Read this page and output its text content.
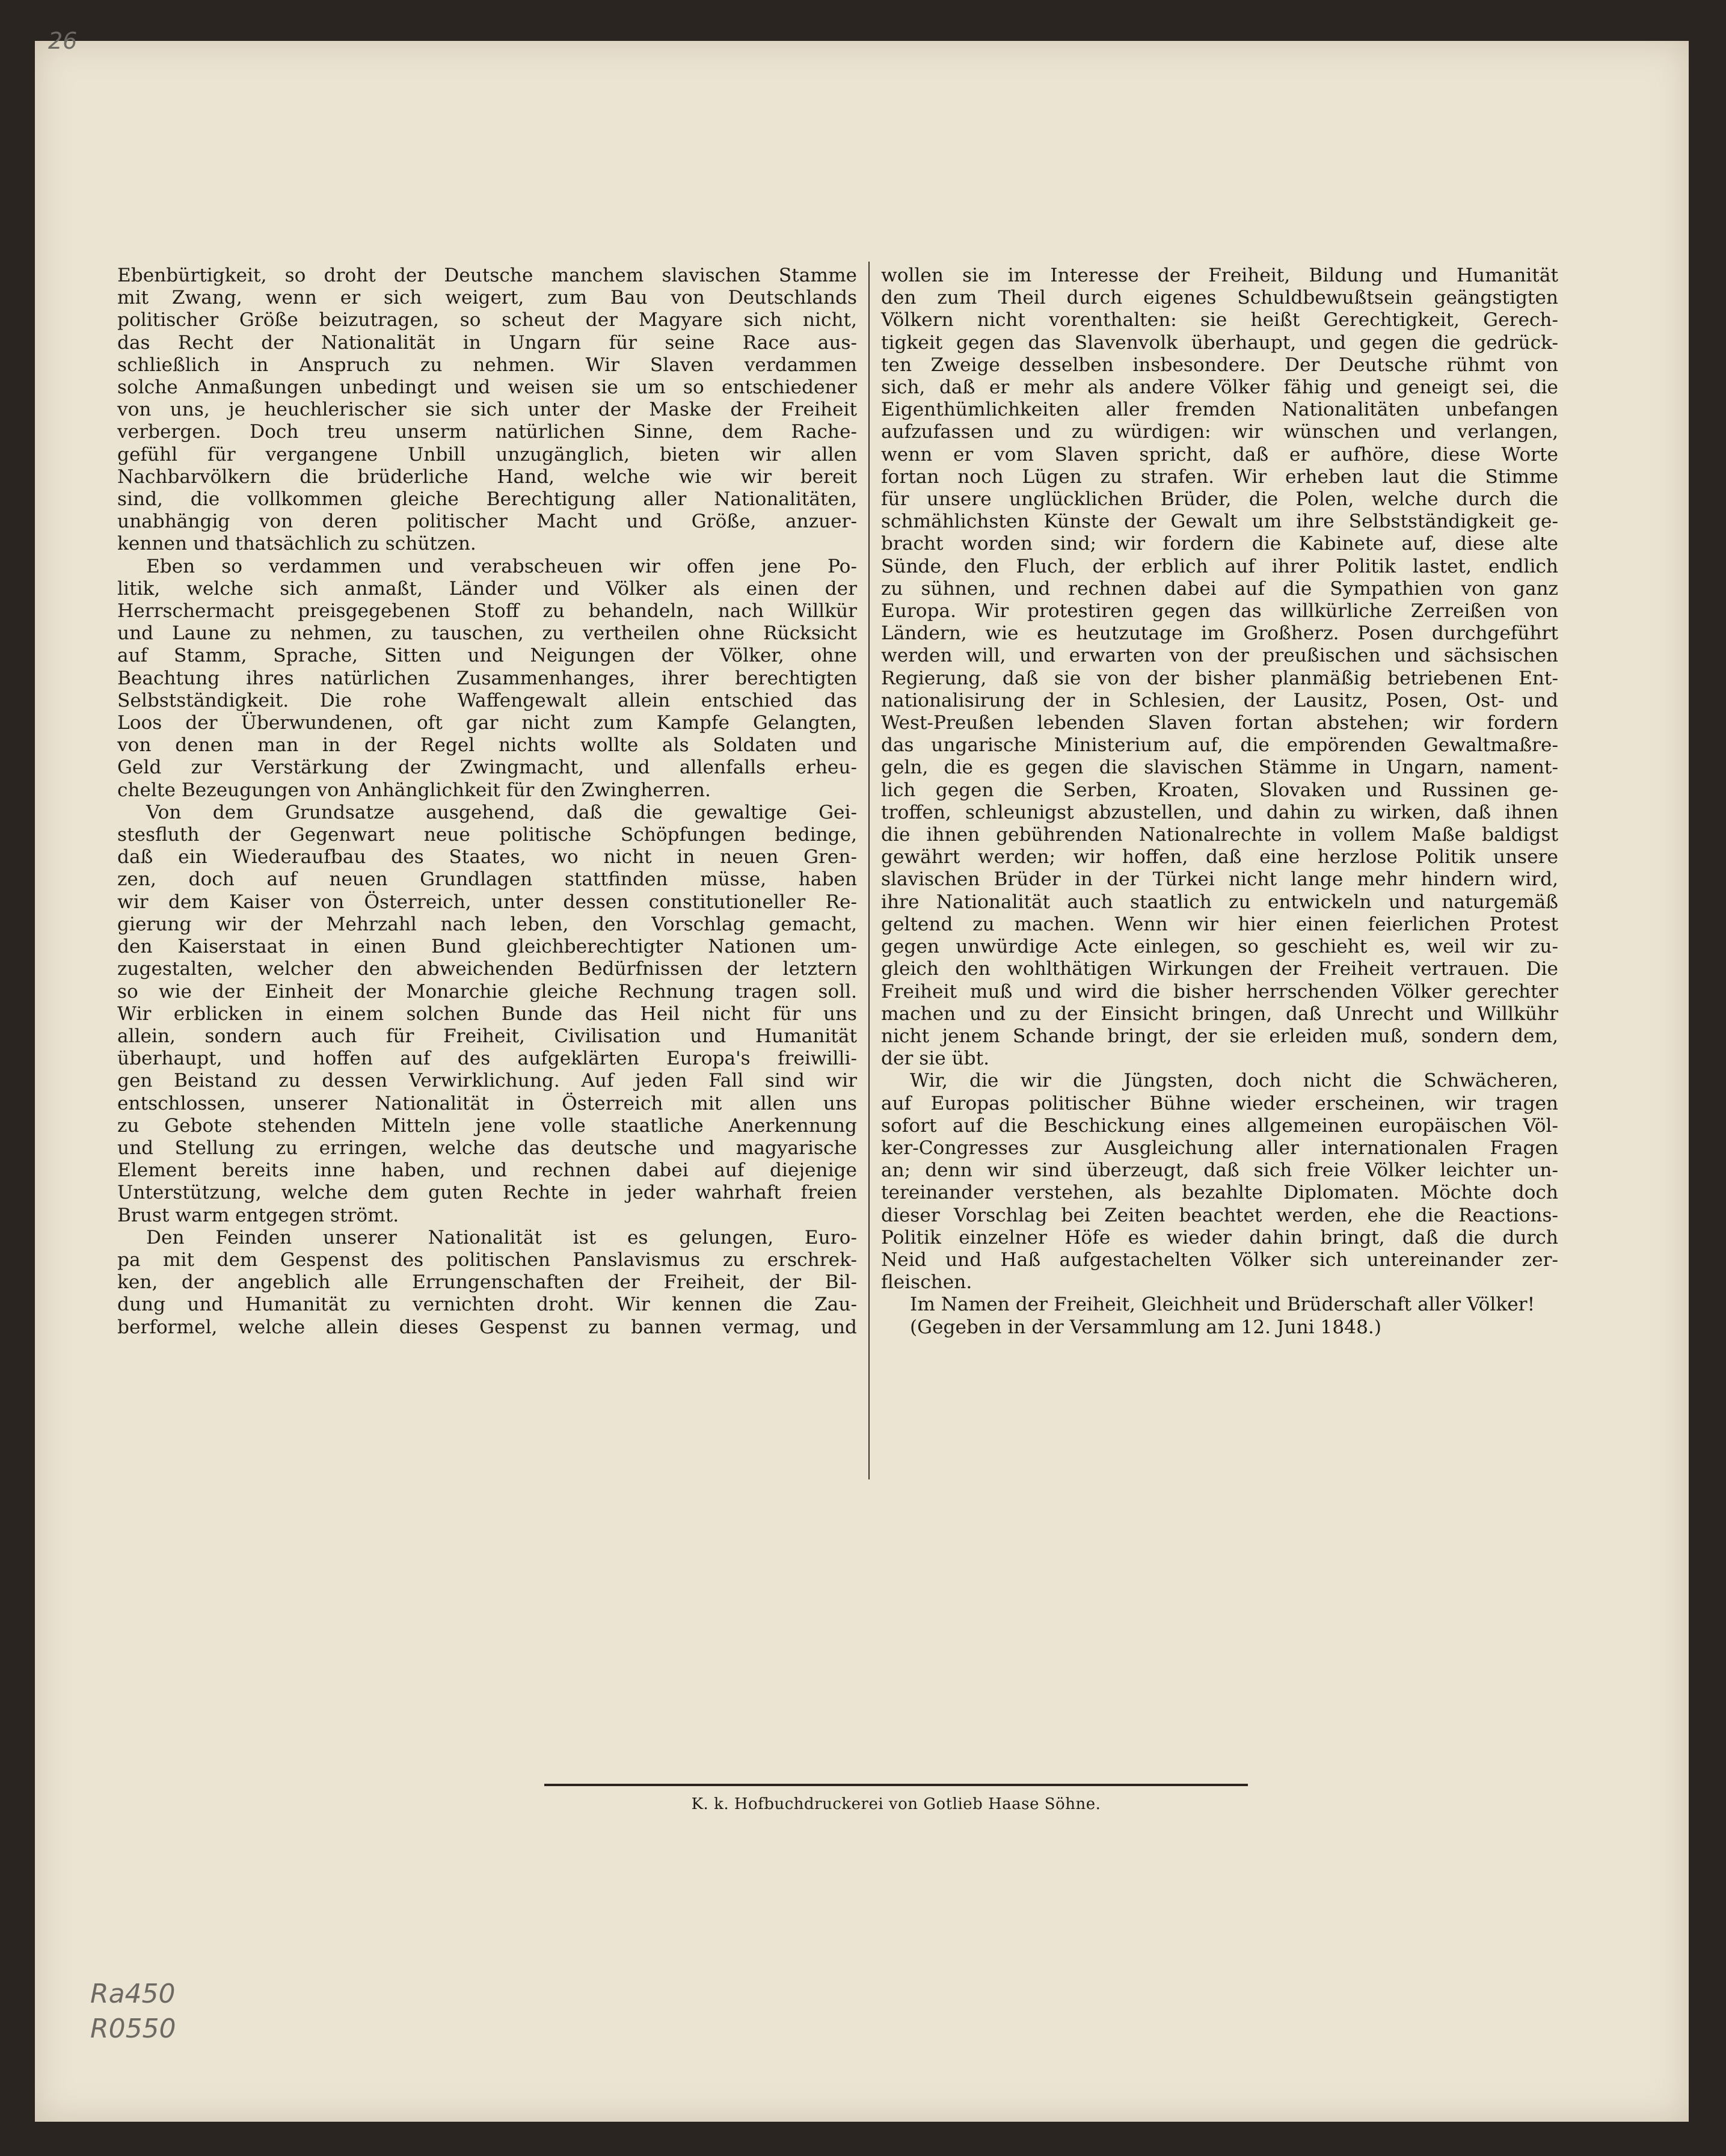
26
Ebenbürtigkeit, so droht der Deutsche manchem slavischen Stamme
mit Zwang, wenn er sich weigert, zum Bau von Deutschlands
politischer Größe beizutragen, so scheut der Magyare sich nicht,
das Recht der Nationalität in Ungarn für seine Race aus-
schließlich in Anspruch zu nehmen. Wir Slaven verdammen
solche Anmaßungen unbedingt und weisen sie um so entschiedener
von uns, je heuchlerischer sie sich unter der Maske der Freiheit
verbergen. Doch treu unserm natürlichen Sinne, dem Rache-
gefühl für vergangene Unbill unzugänglich, bieten wir allen
Nachbarvölkern die brüderliche Hand, welche wie wir bereit
sind, die vollkommen gleiche Berechtigung aller Nationalitäten,
unabhängig von deren politischer Macht und Größe, anzuer-
kennen und thatsächlich zu schützen.
Eben so verdammen und verabscheuen wir offen jene Po-
litik, welche sich anmaßt, Länder und Völker als einen der
Herrschermacht preisgegebenen Stoff zu behandeln, nach Willkür
und Laune zu nehmen, zu tauschen, zu vertheilen ohne Rücksicht
auf Stamm, Sprache, Sitten und Neigungen der Völker, ohne
Beachtung ihres natürlichen Zusammenhanges, ihrer berechtigten
Selbstständigkeit. Die rohe Waffengewalt allein entschied das
Loos der Überwundenen, oft gar nicht zum Kampfe Gelangten,
von denen man in der Regel nichts wollte als Soldaten und
Geld zur Verstärkung der Zwingmacht, und allenfalls erheu-
chelte Bezeugungen von Anhänglichkeit für den Zwingherren.
Von dem Grundsatze ausgehend, daß die gewaltige Gei-
stesfluth der Gegenwart neue politische Schöpfungen bedinge,
daß ein Wiederaufbau des Staates, wo nicht in neuen Gren-
zen, doch auf neuen Grundlagen stattfinden müsse, haben
wir dem Kaiser von Österreich, unter dessen constitutioneller Re-
gierung wir der Mehrzahl nach leben, den Vorschlag gemacht,
den Kaiserstaat in einen Bund gleichberechtigter Nationen um-
zugestalten, welcher den abweichenden Bedürfnissen der letztern
so wie der Einheit der Monarchie gleiche Rechnung tragen soll.
Wir erblicken in einem solchen Bunde das Heil nicht für uns
allein, sondern auch für Freiheit, Civilisation und Humanität
überhaupt, und hoffen auf des aufgeklärten Europa's freiwilli-
gen Beistand zu dessen Verwirklichung. Auf jeden Fall sind wir
entschlossen, unserer Nationalität in Österreich mit allen uns
zu Gebote stehenden Mitteln jene volle staatliche Anerkennung
und Stellung zu erringen, welche das deutsche und magyarische
Element bereits inne haben, und rechnen dabei auf diejenige
Unterstützung, welche dem guten Rechte in jeder wahrhaft freien
Brust warm entgegen strömt.
Den Feinden unserer Nationalität ist es gelungen, Euro-
pa mit dem Gespenst des politischen Panslavismus zu erschrek-
ken, der angeblich alle Errungenschaften der Freiheit, der Bil-
dung und Humanität zu vernichten droht. Wir kennen die Zau-
berformel, welche allein dieses Gespenst zu bannen vermag, und
wollen sie im Interesse der Freiheit, Bildung und Humanität
den zum Theil durch eigenes Schuldbewußtsein geängstigten
Völkern nicht vorenthalten: sie heißt Gerechtigkeit, Gerech-
tigkeit gegen das Slavenvolk überhaupt, und gegen die gedrück-
ten Zweige desselben insbesondere. Der Deutsche rühmt von
sich, daß er mehr als andere Völker fähig und geneigt sei, die
Eigenthümlichkeiten aller fremden Nationalitäten unbefangen
aufzufassen und zu würdigen: wir wünschen und verlangen,
wenn er vom Slaven spricht, daß er aufhöre, diese Worte
fortan noch Lügen zu strafen. Wir erheben laut die Stimme
für unsere unglücklichen Brüder, die Polen, welche durch die
schmählichsten Künste der Gewalt um ihre Selbstständigkeit ge-
bracht worden sind; wir fordern die Kabinete auf, diese alte
Sünde, den Fluch, der erblich auf ihrer Politik lastet, endlich
zu sühnen, und rechnen dabei auf die Sympathien von ganz
Europa. Wir protestiren gegen das willkürliche Zerreißen von
Ländern, wie es heutzutage im Großherz. Posen durchgeführt
werden will, und erwarten von der preußischen und sächsischen
Regierung, daß sie von der bisher planmäßig betriebenen Ent-
nationalisirung der in Schlesien, der Lausitz, Posen, Ost- und
West-Preußen lebenden Slaven fortan abstehen; wir fordern
das ungarische Ministerium auf, die empörenden Gewaltmaßre-
geln, die es gegen die slavischen Stämme in Ungarn, nament-
lich gegen die Serben, Kroaten, Slovaken und Russinen ge-
troffen, schleunigst abzustellen, und dahin zu wirken, daß ihnen
die ihnen gebührenden Nationalrechte in vollem Maße baldigst
gewährt werden; wir hoffen, daß eine herzlose Politik unsere
slavischen Brüder in der Türkei nicht lange mehr hindern wird,
ihre Nationalität auch staatlich zu entwickeln und naturgemäß
geltend zu machen. Wenn wir hier einen feierlichen Protest
gegen unwürdige Acte einlegen, so geschieht es, weil wir zu-
gleich den wohlthätigen Wirkungen der Freiheit vertrauen. Die
Freiheit muß und wird die bisher herrschenden Völker gerechter
machen und zu der Einsicht bringen, daß Unrecht und Willkühr
nicht jenem Schande bringt, der sie erleiden muß, sondern dem,
der sie übt.
Wir, die wir die Jüngsten, doch nicht die Schwächeren,
auf Europas politischer Bühne wieder erscheinen, wir tragen
sofort auf die Beschickung eines allgemeinen europäischen Völ-
ker-Congresses zur Ausgleichung aller internationalen Fragen
an; denn wir sind überzeugt, daß sich freie Völker leichter un-
tereinander verstehen, als bezahlte Diplomaten. Möchte doch
dieser Vorschlag bei Zeiten beachtet werden, ehe die Reactions-
Politik einzelner Höfe es wieder dahin bringt, daß die durch
Neid und Haß aufgestachelten Völker sich untereinander zer-
fleischen.
Im Namen der Freiheit, Gleichheit und Brüderschaft aller Völker!
(Gegeben in der Versammlung am 12. Juni 1848.)
K. k. Hofbuchdruckerei von Gotlieb Haase Söhne.
Ra450
R0550
